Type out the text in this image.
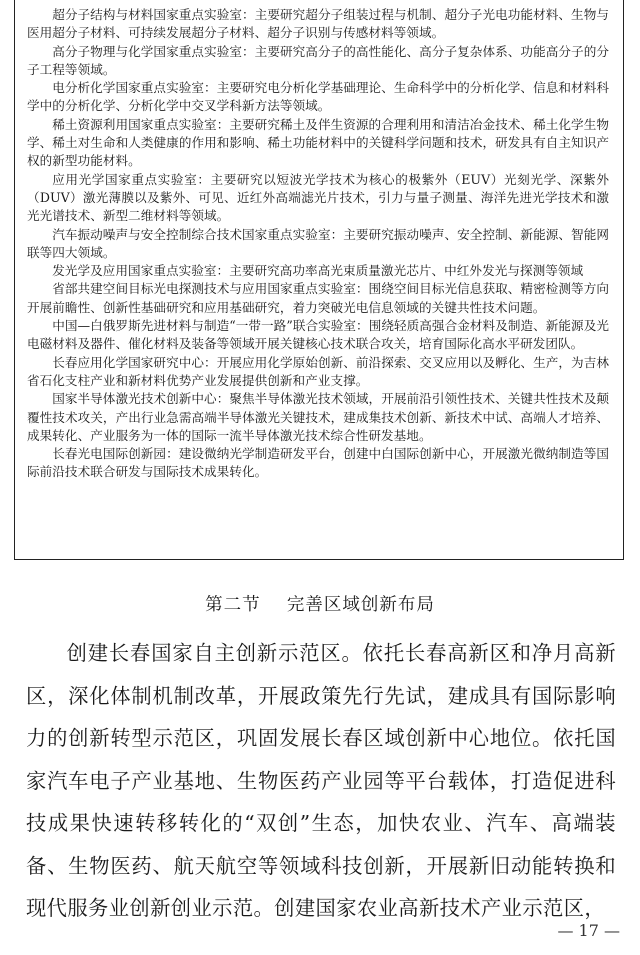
超分子结构与材料国家重点实验室：主要研究超分子组装过程与机制、超分子光电功能材料、生物与医用超分子材料、可持续发展超分子材料、超分子识别与传感材料等领域。

高分子物理与化学国家重点实验室：主要研究高分子的高性能化、高分子复杂体系、功能高分子的分子工程等领域。

电分析化学国家重点实验室：主要研究电分析化学基础理论、生命科学中的分析化学、信息和材料科学中的分析化学、分析化学中交叉学科新方法等领域。

稀土资源利用国家重点实验室：主要研究稀土及伴生资源的合理利用和清洁冶金技术、稀土化学生物学、稀土对生命和人类健康的作用和影响、稀土功能材料中的关键科学问题和技术，研发具有自主知识产权的新型功能材料。

应用光学国家重点实验室：主要研究以短波光学技术为核心的极紫外（EUV）光刻光学、深紫外（DUV）激光薄膜以及紫外、可见、近红外高端滤光片技术，引力与量子测量、海洋先进光学技术和激光光谱技术、新型二维材料等领域。

汽车振动噪声与安全控制综合技术国家重点实验室：主要研究振动噪声、安全控制、新能源、智能网联等四大领域。

发光学及应用国家重点实验室：主要研究高功率高光束质量激光芯片、中红外发光与探测等领域

省部共建空间目标光电探测技术与应用国家重点实验室：围绕空间目标光信息获取、精密检测等方向开展前瞻性、创新性基础研究和应用基础研究，着力突破光电信息领域的关键共性技术问题。

中国—白俄罗斯先进材料与制造“一带一路”联合实验室：围绕轻质高强合金材料及制造、新能源及光电磁材料及器件、催化材料及装备等领域开展关键核心技术联合攻关，培育国际化高水平研发团队。

长春应用化学国家研究中心：开展应用化学原始创新、前沿探索、交叉应用以及孵化、生产，为吉林省石化支柱产业和新材料优势产业发展提供创新和产业支撑。

国家半导体激光技术创新中心：聚焦半导体激光技术领域，开展前沿引领性技术、关键共性技术及颠覆性技术攻关，产出行业急需高端半导体激光关键技术，建成集技术创新、新技术中试、高端人才培养、成果转化、产业服务为一体的国际一流半导体激光技术综合性研发基地。

长春光电国际创新园：建设微纳光学制造研发平台，创建中白国际创新中心，开展激光微纳制造等国际前沿技术联合研发与国际技术成果转化。

第二节    完善区域创新布局

创建长春国家自主创新示范区。依托长春高新区和净月高新区，深化体制机制改革，开展政策先行先试，建成具有国际影响力的创新转型示范区，巩固发展长春区域创新中心地位。依托国家汽车电子产业基地、生物医药产业园等平台载体，打造促进科技成果快速转移转化的“双创”生态，加快农业、汽车、高端装备、生物医药、航天航空等领域科技创新，开展新旧动能转换和现代服务业创新创业示范。创建国家农业高新技术产业示范区，

— 17 —
